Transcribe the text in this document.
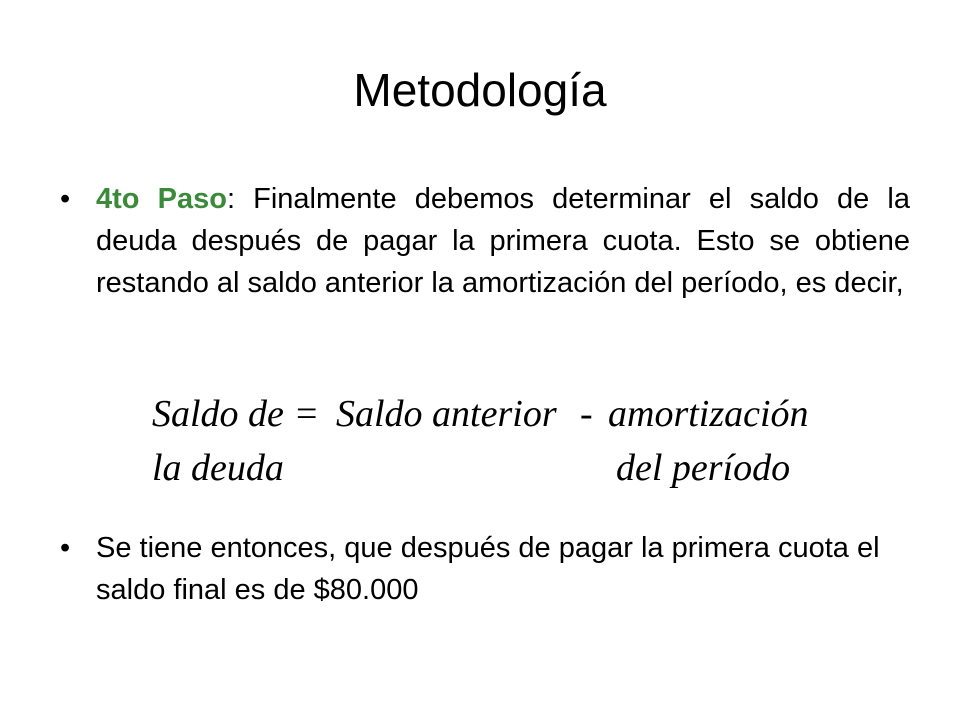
Metodología
• 4to Paso: Finalmente debemos determinar el saldo de la deuda después de pagar la primera cuota. Esto se obtiene restando al saldo anterior la amortización del período, es decir,
Saldo de = Saldo anterior - amortización
la deuda	del período
• Se tiene entonces, que después de pagar la primera cuota el saldo final es de $80.000
